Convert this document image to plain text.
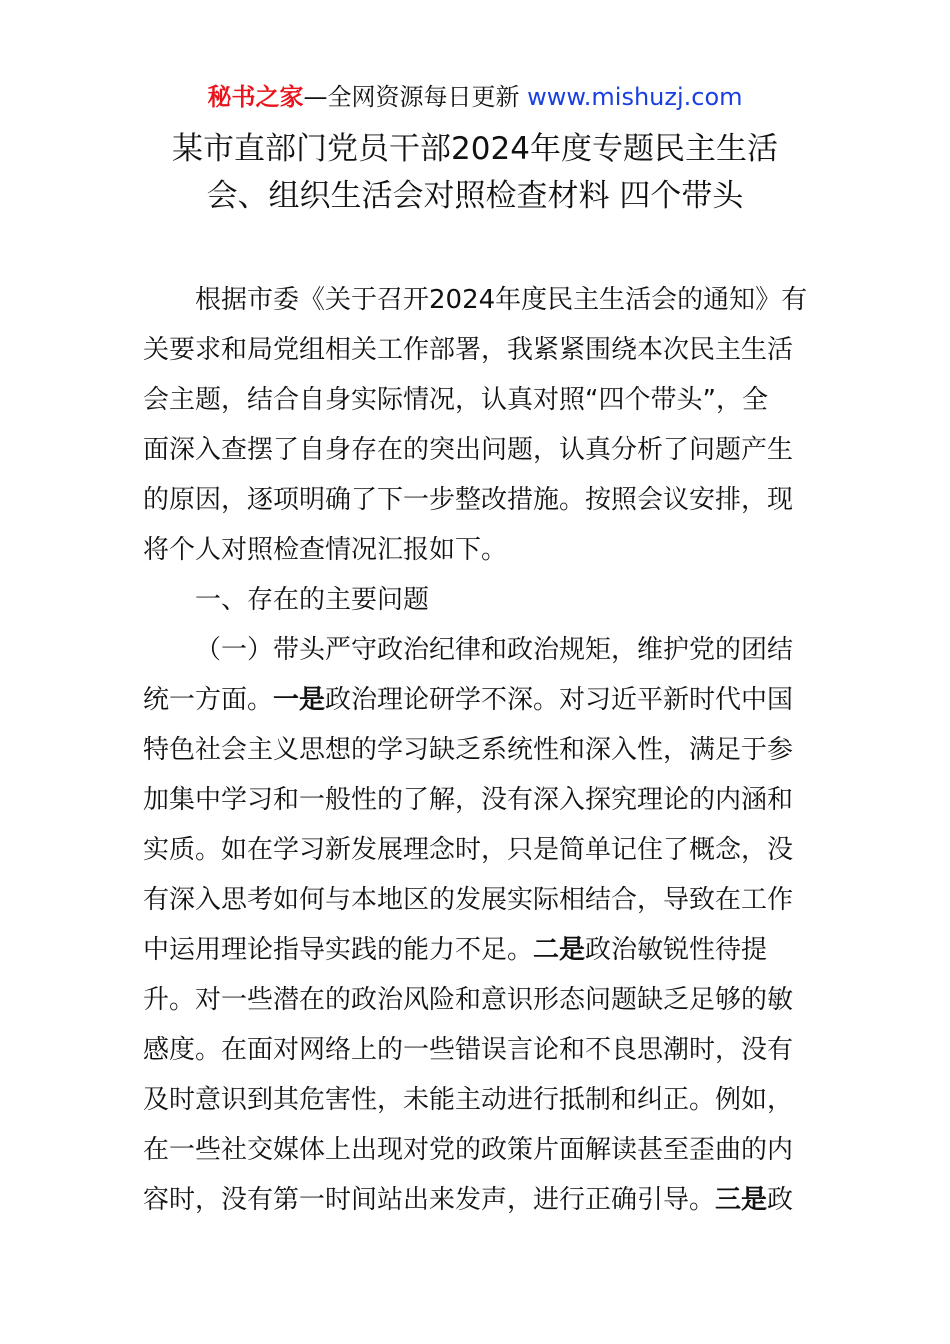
秘书之家—全网资源每日更新 www.mishuzj.com
某市直部门党员干部2024年度专题民主生活
会、组织生活会对照检查材料 四个带头
根据市委《关于召开2024年度民主生活会的通知》有
关要求和局党组相关工作部署，我紧紧围绕本次民主生活
会主题，结合自身实际情况，认真对照“四个带头”，全
面深入查摆了自身存在的突出问题，认真分析了问题产生
的原因，逐项明确了下一步整改措施。按照会议安排，现
将个人对照检查情况汇报如下。
一、存在的主要问题
（一）带头严守政治纪律和政治规矩，维护党的团结
统一方面。一是政治理论研学不深。对习近平新时代中国
特色社会主义思想的学习缺乏系统性和深入性，满足于参
加集中学习和一般性的了解，没有深入探究理论的内涵和
实质。如在学习新发展理念时，只是简单记住了概念，没
有深入思考如何与本地区的发展实际相结合，导致在工作
中运用理论指导实践的能力不足。二是政治敏锐性待提
升。对一些潜在的政治风险和意识形态问题缺乏足够的敏
感度。在面对网络上的一些错误言论和不良思潮时，没有
及时意识到其危害性，未能主动进行抵制和纠正。例如，
在一些社交媒体上出现对党的政策片面解读甚至歪曲的内
容时，没有第一时间站出来发声，进行正确引导。三是政
